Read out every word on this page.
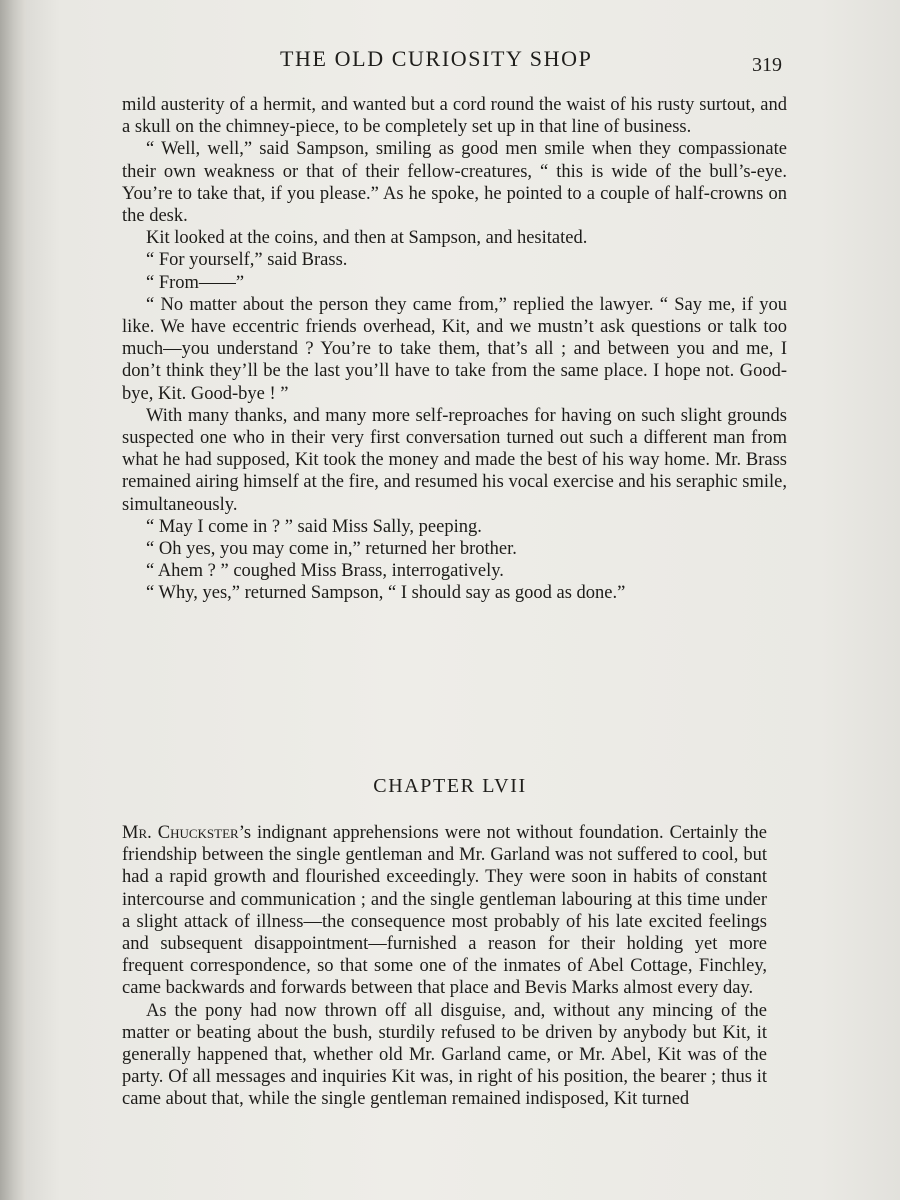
THE OLD CURIOSITY SHOP	319

mild austerity of a hermit, and wanted but a cord round the waist of his rusty surtout, and a skull on the chimney-piece, to be completely set up in that line of business.

“ Well, well,” said Sampson, smiling as good men smile when they compassionate their own weakness or that of their fellow-creatures, “ this is wide of the bull’s-eye. You’re to take that, if you please.” As he spoke, he pointed to a couple of half-crowns on the desk.

Kit looked at the coins, and then at Sampson, and hesitated.

“ For yourself,” said Brass.

“ From——”

“ No matter about the person they came from,” replied the lawyer. “ Say me, if you like. We have eccentric friends overhead, Kit, and we mustn’t ask questions or talk too much—you understand ? You’re to take them, that’s all ; and between you and me, I don’t think they’ll be the last you’ll have to take from the same place. I hope not. Good-bye, Kit. Good-bye ! ”

With many thanks, and many more self-reproaches for having on such slight grounds suspected one who in their very first conversation turned out such a different man from what he had supposed, Kit took the money and made the best of his way home. Mr. Brass remained airing himself at the fire, and resumed his vocal exercise and his seraphic smile, simultaneously.

“ May I come in ? ” said Miss Sally, peeping.

“ Oh yes, you may come in,” returned her brother.

“ Ahem ? ” coughed Miss Brass, interrogatively.

“ Why, yes,” returned Sampson, “ I should say as good as done.”

CHAPTER LVII

Mr. Chuckster’s indignant apprehensions were not without foundation. Certainly the friendship between the single gentleman and Mr. Garland was not suffered to cool, but had a rapid growth and flourished exceedingly. They were soon in habits of constant intercourse and communication ; and the single gentleman labouring at this time under a slight attack of illness—the consequence most probably of his late excited feelings and subsequent disappointment—furnished a reason for their holding yet more frequent correspondence, so that some one of the inmates of Abel Cottage, Finchley, came backwards and forwards between that place and Bevis Marks almost every day.

As the pony had now thrown off all disguise, and, without any mincing of the matter or beating about the bush, sturdily refused to be driven by anybody but Kit, it generally happened that, whether old Mr. Garland came, or Mr. Abel, Kit was of the party. Of all messages and inquiries Kit was, in right of his position, the bearer ; thus it came about that, while the single gentleman remained indisposed, Kit turned
